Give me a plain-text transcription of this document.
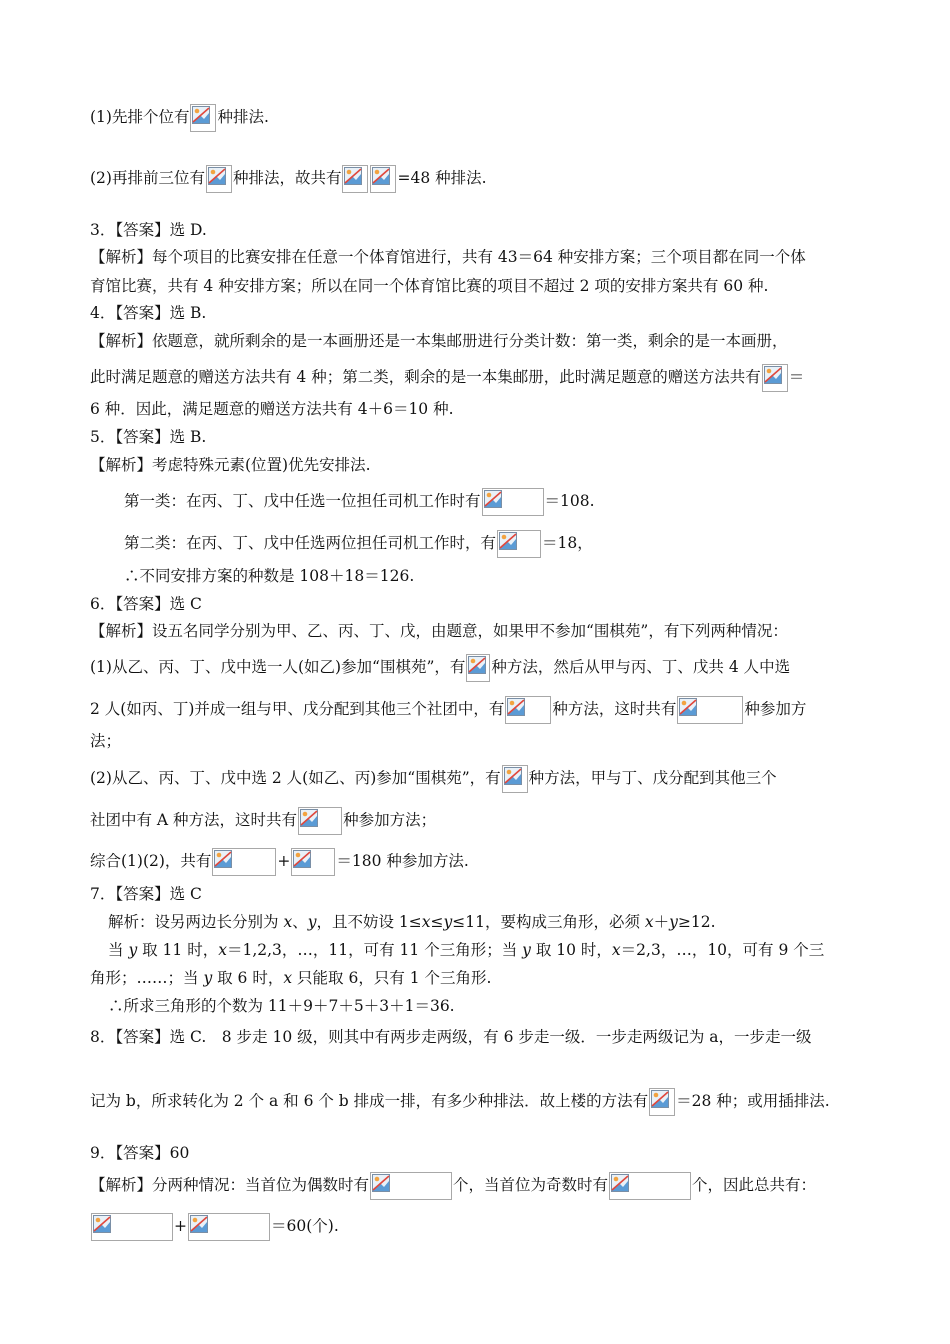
(1)先排个位有 种排法.
(2)再排前三位有 种排法，故共有	=48 种排法.
3．【答案】选 D.
【解析】每个项目的比赛安排在任意一个体育馆进行，共有 43＝64 种安排方案；三个项目都在同一个体
育馆比赛，共有 4 种安排方案；所以在同一个体育馆比赛的项目不超过 2 项的安排方案共有 60 种.
4．【答案】选 B.
【解析】依题意，就所剩余的是一本画册还是一本集邮册进行分类计数：第一类，剩余的是一本画册，
此时满足题意的赠送方法共有 4 种；第二类，剩余的是一本集邮册，此时满足题意的赠送方法共有 ＝
6 种．因此，满足题意的赠送方法共有 4＋6＝10 种.
5．【答案】选 B.
【解析】考虑特殊元素(位置)优先安排法.
第一类：在丙、丁、戊中任选一位担任司机工作时有	＝108.
第二类：在丙、丁、戊中任选两位担任司机工作时，有	＝18，
∴不同安排方案的种数是 108＋18＝126.
6．【答案】选 C
【解析】设五名同学分别为甲、乙、丙、丁、戊，由题意，如果甲不参加“围棋苑”，有下列两种情况：
(1)从乙、丙、丁、戊中选一人(如乙)参加“围棋苑”，有 种方法，然后从甲与丙、丁、戊共 4 人中选
2 人(如丙、丁)并成一组与甲、戊分配到其他三个社团中，有	种方法，这时共有	种参加方
法；
(2)从乙、丙、丁、戊中选 2 人(如乙、丙)参加“围棋苑”，有 种方法，甲与丁、戊分配到其他三个
社团中有 A 种方法，这时共有	种参加方法；
综合(1)(2)，共有	+	＝180 种参加方法.
7．【答案】选 C
解析：设另两边长分别为 x、y，且不妨设 1≤x≤y≤11，要构成三角形，必须 x＋y≥12.
当 y 取 11 时，x＝1,2,3，…，11，可有 11 个三角形；当 y 取 10 时，x＝2,3，…，10，可有 9 个三
角形；……；当 y 取 6 时，x 只能取 6，只有 1 个三角形.
∴所求三角形的个数为 11＋9＋7＋5＋3＋1＝36.
8．【答案】选 C.　8 步走 10 级，则其中有两步走两级，有 6 步走一级．一步走两级记为 a，一步走一级
记为 b，所求转化为 2 个 a 和 6 个 b 排成一排，有多少种排法．故上楼的方法有 ＝28 种；或用插排法.
9．【答案】60
【解析】分两种情况：当首位为偶数时有	个，当首位为奇数时有	个，因此总共有：
+	＝60(个).
